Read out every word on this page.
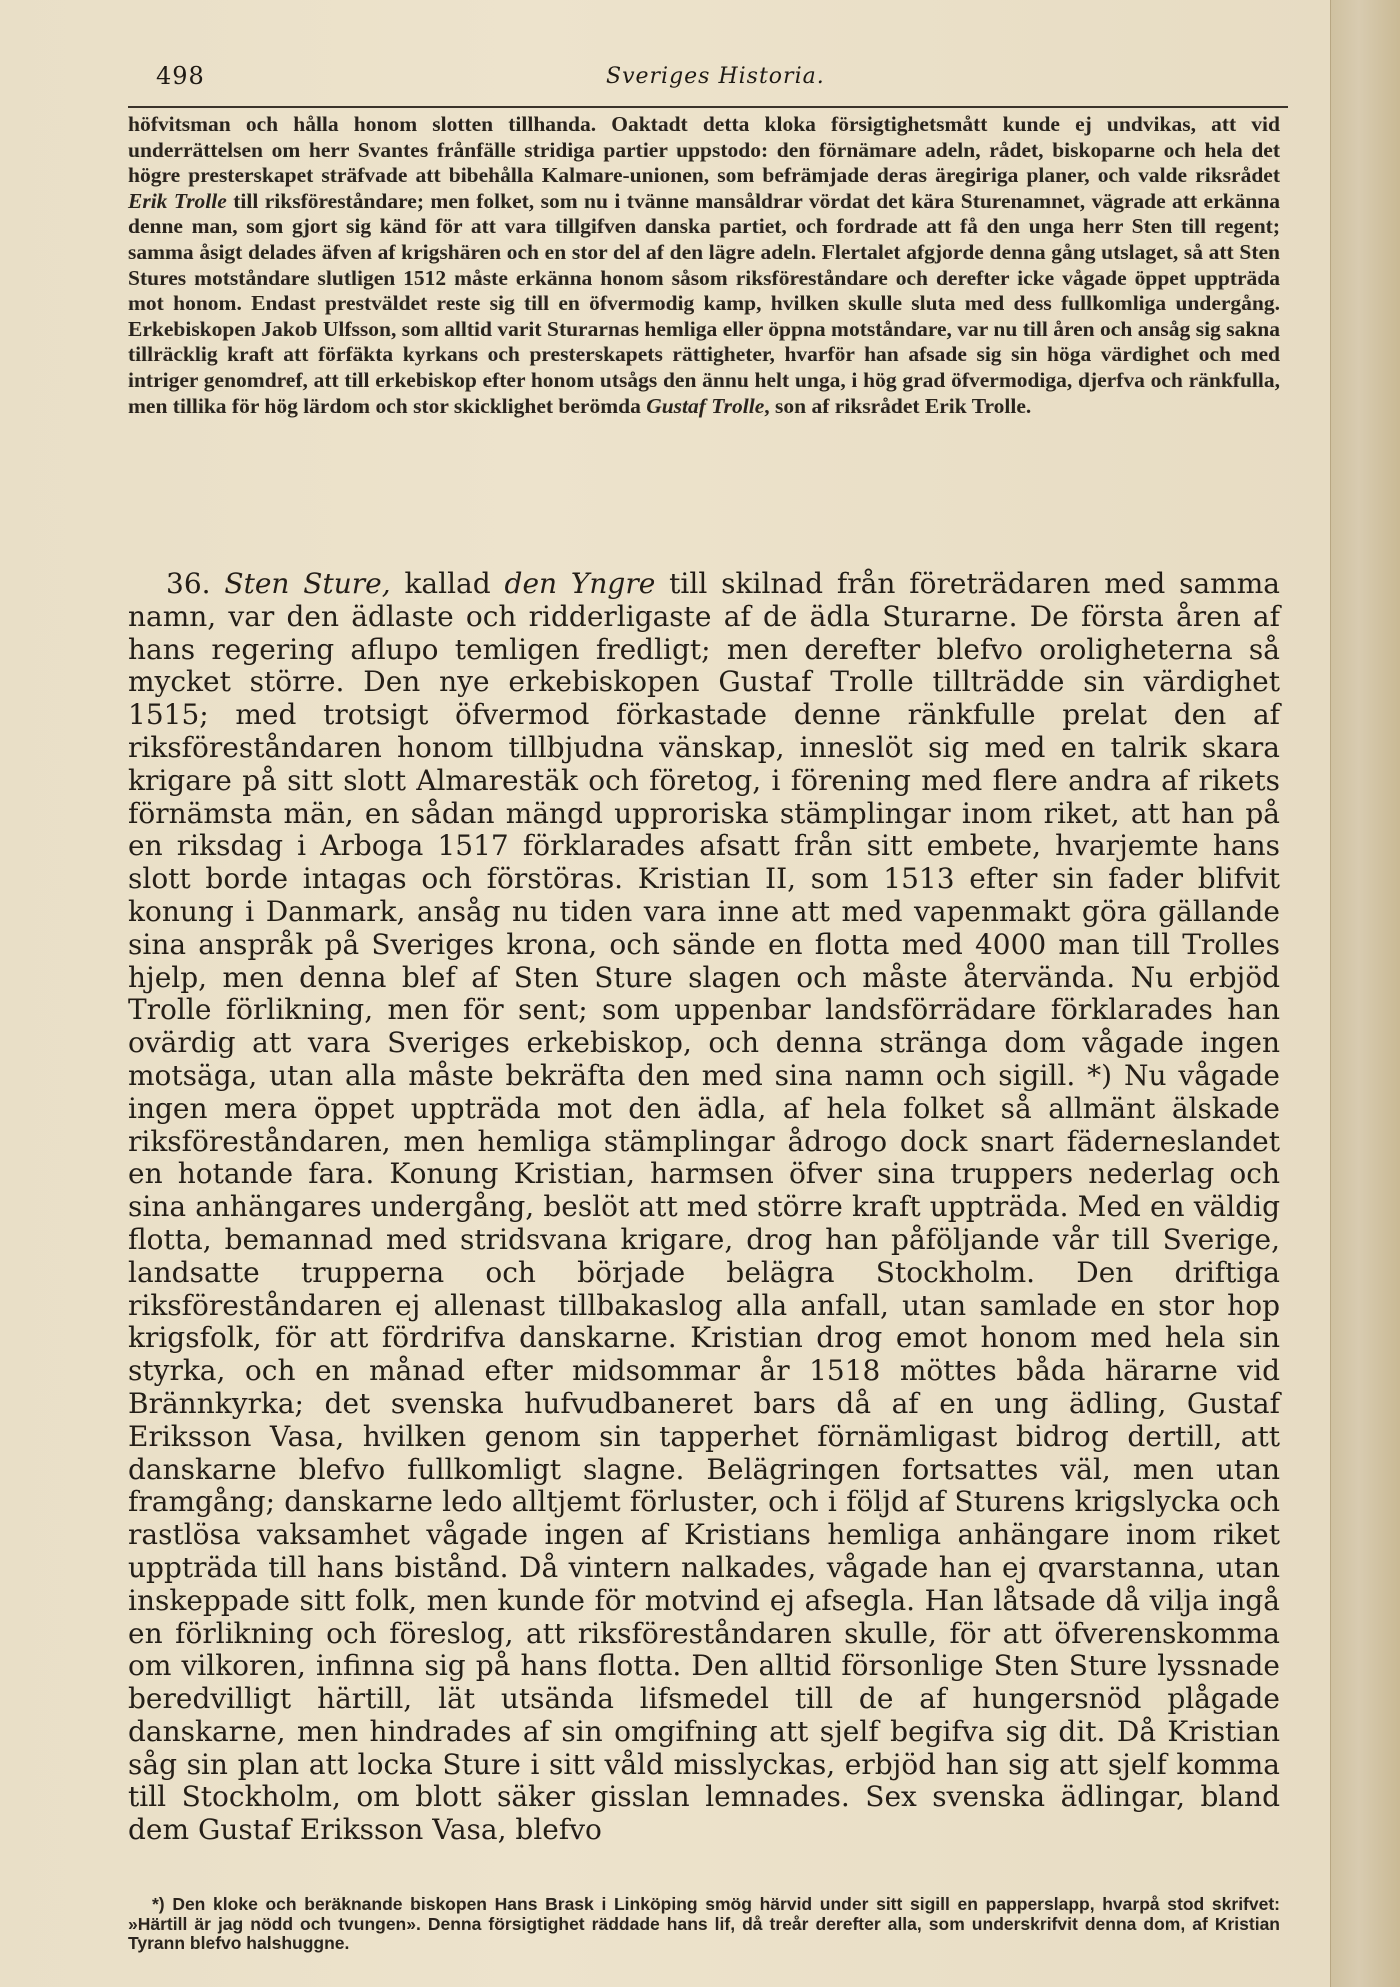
498	Sveriges Historia.
höfvitsman och hålla honom slotten tillhanda. Oaktadt detta kloka försigtighetsmått kunde ej undvikas, att vid underrättelsen om herr Svantes frånfälle stridiga partier uppstodo: den förnämare adeln, rådet, biskoparne och hela det högre presterskapet sträfvade att bibehålla Kalmare-unionen, som befrämjade deras äregiriga planer, och valde riksrådet Erik Trolle till riksföreståndare; men folket, som nu i tvänne mansåldrar vördat det kära Sturenamnet, vägrade att erkänna denne man, som gjort sig känd för att vara tillgifven danska partiet, och fordrade att få den unga herr Sten till regent; samma åsigt delades äfven af krigshären och en stor del af den lägre adeln. Flertalet afgjorde denna gång utslaget, så att Sten Stures motståndare slutligen 1512 måste erkänna honom såsom riksföreståndare och derefter icke vågade öppet uppträda mot honom. Endast prestväldet reste sig till en öfvermodig kamp, hvilken skulle sluta med dess fullkomliga undergång. Erkebiskopen Jakob Ulfsson, som alltid varit Sturarnas hemliga eller öppna motståndare, var nu till åren och ansåg sig sakna tillräcklig kraft att förfäkta kyrkans och presterskapets rättigheter, hvarför han afsade sig sin höga värdighet och med intriger genomdref, att till erkebiskop efter honom utsågs den ännu helt unga, i hög grad öfvermodiga, djerfva och ränkfulla, men tillika för hög lärdom och stor skicklighet berömda Gustaf Trolle, son af riksrådet Erik Trolle.
36. Sten Sture, kallad den Yngre till skilnad från företrädaren med samma namn, var den ädlaste och ridderligaste af de ädla Sturarne. De första åren af hans regering aflupo temligen fredligt; men derefter blefvo oroligheterna så mycket större. Den nye erkebiskopen Gustaf Trolle tillträdde sin värdighet 1515; med trotsigt öfvermod förkastade denne ränkfulle prelat den af riksföreståndaren honom tillbjudna vänskap, inneslöt sig med en talrik skara krigare på sitt slott Almarestäk och företog, i förening med flere andra af rikets förnämsta män, en sådan mängd upproriska stämplingar inom riket, att han på en riksdag i Arboga 1517 förklarades afsatt från sitt embete, hvarjemte hans slott borde intagas och förstöras. Kristian II, som 1513 efter sin fader blifvit konung i Danmark, ansåg nu tiden vara inne att med vapenmakt göra gällande sina anspråk på Sveriges krona, och sände en flotta med 4000 man till Trolles hjelp, men denna blef af Sten Sture slagen och måste återvända. Nu erbjöd Trolle förlikning, men för sent; som uppenbar landsförrädare förklarades han ovärdig att vara Sveriges erkebiskop, och denna stränga dom vågade ingen motsäga, utan alla måste bekräfta den med sina namn och sigill. *) Nu vågade ingen mera öppet uppträda mot den ädla, af hela folket så allmänt älskade riksföreståndaren, men hemliga stämplingar ådrogo dock snart fäderneslandet en hotande fara. Konung Kristian, harmsen öfver sina truppers nederlag och sina anhängares undergång, beslöt att med större kraft uppträda. Med en väldig flotta, bemannad med stridsvana krigare, drog han påföljande vår till Sverige, landsatte trupperna och började belägra Stockholm. Den driftiga riksföreståndaren ej allenast tillbakaslog alla anfall, utan samlade en stor hop krigsfolk, för att fördrifva danskarne. Kristian drog emot honom med hela sin styrka, och en månad efter midsommar år 1518 möttes båda härarne vid Brännkyrka; det svenska hufvudbaneret bars då af en ung ädling, Gustaf Eriksson Vasa, hvilken genom sin tapperhet förnämligast bidrog dertill, att danskarne blefvo fullkomligt slagne. Belägringen fortsattes väl, men utan framgång; danskarne ledo alltjemt förluster, och i följd af Sturens krigslycka och rastlösa vaksamhet vågade ingen af Kristians hemliga anhängare inom riket uppträda till hans bistånd. Då vintern nalkades, vågade han ej qvarstanna, utan inskeppade sitt folk, men kunde för motvind ej afsegla. Han låtsade då vilja ingå en förlikning och föreslog, att riksföreståndaren skulle, för att öfverenskomma om vilkoren, infinna sig på hans flotta. Den alltid försonlige Sten Sture lyssnade beredvilligt härtill, lät utsända lifsmedel till de af hungersnöd plågade danskarne, men hindrades af sin omgifning att sjelf begifva sig dit. Då Kristian såg sin plan att locka Sture i sitt våld misslyckas, erbjöd han sig att sjelf komma till Stockholm, om blott säker gisslan lemnades. Sex svenska ädlingar, bland dem Gustaf Eriksson Vasa, blefvo
*) Den kloke och beräknande biskopen Hans Brask i Linköping smög härvid under sitt sigill en papperslapp, hvarpå stod skrifvet: »Härtill är jag nödd och tvungen». Denna försigtighet räddade hans lif, då treår derefter alla, som underskrifvit denna dom, af Kristian Tyrann blefvo halshuggne.
